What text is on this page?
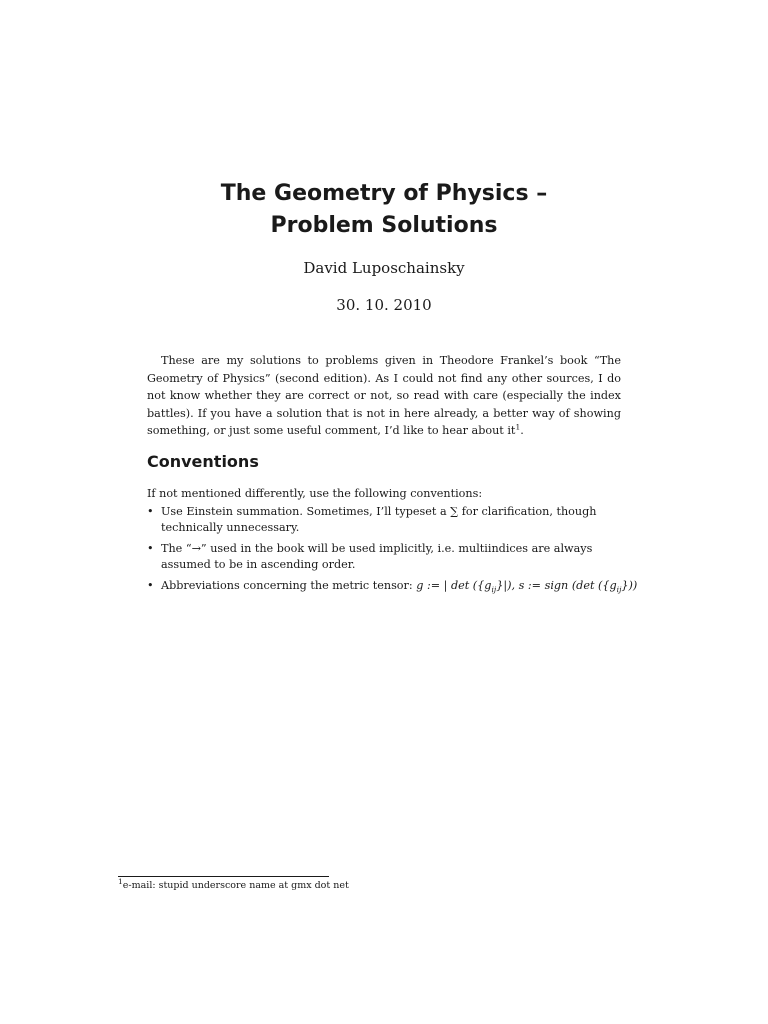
The Geometry of Physics –
Problem Solutions
David Luposchainsky
30. 10. 2010
These are my solutions to problems given in Theodore Frankel’s book “The Geometry of Physics” (second edition). As I could not find any other sources, I do not know whether they are correct or not, so read with care (especially the index battles). If you have a solution that is not in here already, a better way of showing something, or just some useful comment, I’d like to hear about $it^1$.
Conventions
If not mentioned differently, use the following conventions:
• Use Einstein summation. Sometimes, I’ll typeset a ∑ for clarification, though
technically unnecessary.
• The “→” used in the book will be used implicitly, i.e. multiindices are always
assumed to be in ascending order.
• Abbreviations concerning the metric tensor: g := | $\det (\{g_{ij}\}|)$, s := sign (det $(\{g_{ij}\})$)
$^1$e-mail: stupid underscore name at gmx dot net
